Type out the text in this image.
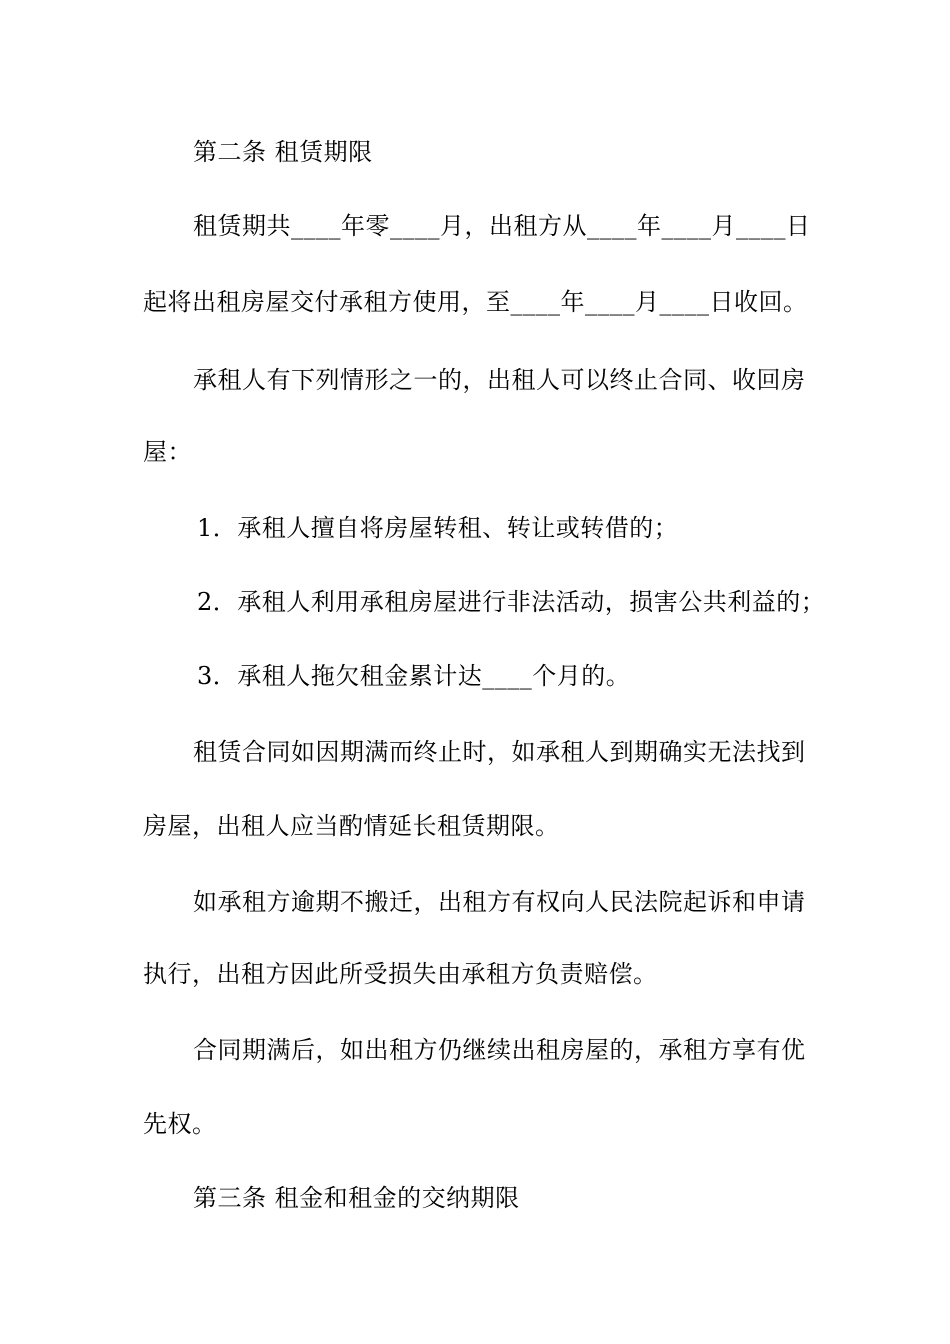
第二条 租赁期限
租赁期共____年零____月，出租方从____年____月____日
起将出租房屋交付承租方使用，至____年____月____日收回。
承租人有下列情形之一的，出租人可以终止合同、收回房
屋：
1．承租人擅自将房屋转租、转让或转借的；
2．承租人利用承租房屋进行非法活动，损害公共利益的；
3．承租人拖欠租金累计达____个月的。
租赁合同如因期满而终止时，如承租人到期确实无法找到
房屋，出租人应当酌情延长租赁期限。
如承租方逾期不搬迁，出租方有权向人民法院起诉和申请
执行，出租方因此所受损失由承租方负责赔偿。
合同期满后，如出租方仍继续出租房屋的，承租方享有优
先权。
第三条 租金和租金的交纳期限
